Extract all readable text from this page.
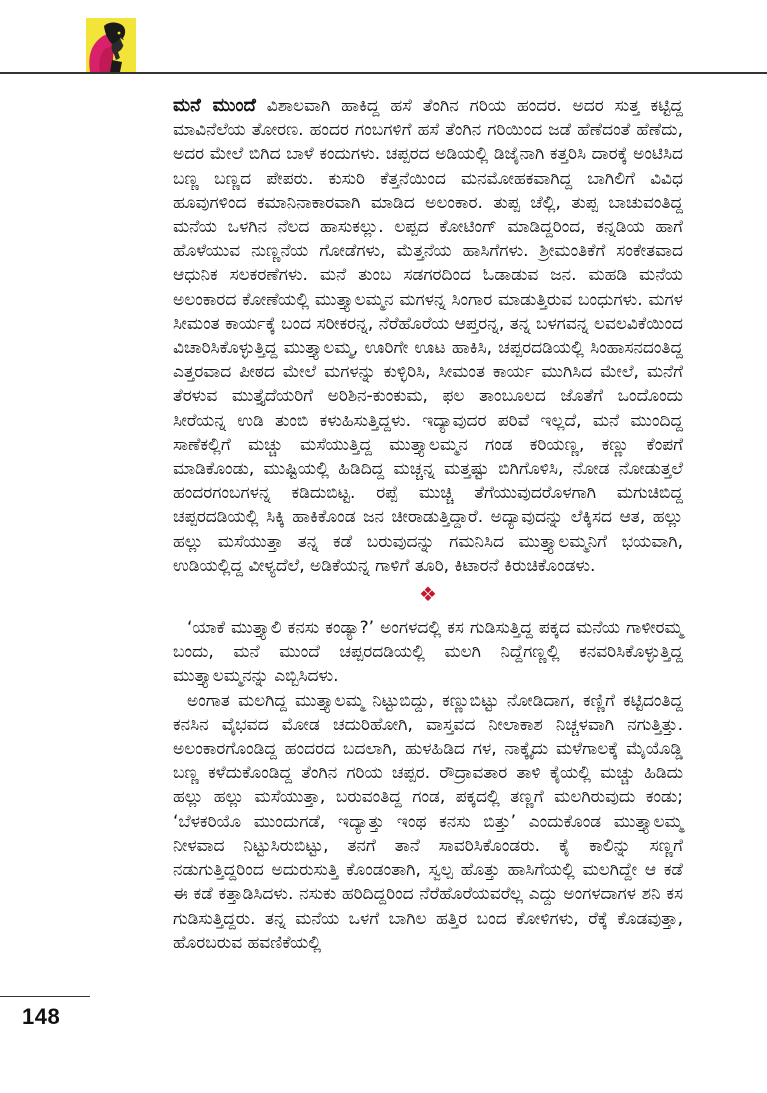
ಮನೆ ಮುಂದೆ ವಿಶಾಲವಾಗಿ ಹಾಕಿದ್ದ ಹಸೆ ತೆಂಗಿನ ಗರಿಯ ಹಂದರ. ಅದರ ಸುತ್ತ ಕಟ್ಟಿದ್ದ ಮಾವಿನೆಲೆಯ ತೋರಣ. ಹಂದರ ಗಂಬಗಳಿಗೆ ಹಸೆ ತೆಂಗಿನ ಗರಿಯಿಂದ ಜಡೆ ಹೆಣೆದಂತೆ ಹೆಣೆದು, ಅದರ ಮೇಲೆ ಬಿಗಿದ ಬಾಳೆ ಕಂದುಗಳು. ಚಪ್ಪರದ ಅಡಿಯಲ್ಲಿ ಡಿಜೈನಾಗಿ ಕತ್ತರಿಸಿ ದಾರಕ್ಕೆ ಅಂಟಿಸಿದ ಬಣ್ಣ ಬಣ್ಣದ ಪೇಪರು. ಕುಸುರಿ ಕೆತ್ತನೆಯಿಂದ ಮನಮೋಹಕವಾಗಿದ್ದ ಬಾಗಿಲಿಗೆ ವಿವಿಧ ಹೂವುಗಳಿಂದ ಕಮಾನಿನಾಕಾರವಾಗಿ ಮಾಡಿದ ಅಲಂಕಾರ. ತುಪ್ಪ ಚೆಲ್ಲಿ, ತುಪ್ಪ ಬಾಚುವಂತಿದ್ದ ಮನೆಯ ಒಳಗಿನ ನೆಲದ ಹಾಸುಕಲ್ಲು. ಲಪ್ಪದ ಕೋಟಿಂಗ್ ಮಾಡಿದ್ದರಿಂದ, ಕನ್ನಡಿಯ ಹಾಗೆ ಹೊಳೆಯುವ ನುಣ್ಣನೆಯ ಗೋಡೆಗಳು, ಮೆತ್ತನೆಯ ಹಾಸಿಗೆಗಳು. ಶ್ರೀಮಂತಿಕೆಗೆ ಸಂಕೇತವಾದ ಆಧುನಿಕ ಸಲಕರಣೆಗಳು. ಮನೆ ತುಂಬ ಸಡಗರದಿಂದ ಓಡಾಡುವ ಜನ. ಮಹಡಿ ಮನೆಯ ಅಲಂಕಾರದ ಕೋಣೆಯಲ್ಲಿ ಮುತ್ತ್ಯಾಲಮ್ಮನ ಮಗಳನ್ನ ಸಿಂಗಾರ ಮಾಡುತ್ತಿರುವ ಬಂಧುಗಳು. ಮಗಳ ಸೀಮಂತ ಕಾರ್ಯಕ್ಕೆ ಬಂದ ಸರೀಕರನ್ನ, ನೆರೆಹೊರೆಯ ಆಪ್ತರನ್ನ, ತನ್ನ ಬಳಗವನ್ನ ಲವಲವಿಕೆಯಿಂದ ವಿಚಾರಿಸಿಕೊಳ್ಳುತ್ತಿದ್ದ ಮುತ್ತ್ಯಾಲಮ್ಮ, ಊರಿಗೇ ಊಟ ಹಾಕಿಸಿ, ಚಪ್ಪರದಡಿಯಲ್ಲಿ ಸಿಂಹಾಸನದಂತಿದ್ದ ಎತ್ತರವಾದ ಪೀಠದ ಮೇಲೆ ಮಗಳನ್ನು ಕುಳ್ಳಿರಿಸಿ, ಸೀಮಂತ ಕಾರ್ಯ ಮುಗಿಸಿದ ಮೇಲೆ, ಮನೆಗೆ ತೆರಳುವ ಮುತ್ತೈದೆಯರಿಗೆ ಅರಿಶಿನ-ಕುಂಕುಮ, ಫಲ ತಾಂಬೂಲದ ಜೊತೆಗೆ ಒಂದೊಂದು ಸೀರೆಯನ್ನ ಉಡಿ ತುಂಬಿ ಕಳುಹಿಸುತ್ತಿದ್ದಳು. ಇದ್ಯಾವುದರ ಪರಿವೆ ಇಲ್ಲದೆ, ಮನೆ ಮುಂದಿದ್ದ ಸಾಣೆಕಲ್ಲಿಗೆ ಮಚ್ಚು ಮಸೆಯುತ್ತಿದ್ದ ಮುತ್ತ್ಯಾಲಮ್ಮನ ಗಂಡ ಕರಿಯಣ್ಣ, ಕಣ್ಣು ಕೆಂಪಗೆ ಮಾಡಿಕೊಂಡು, ಮುಷ್ಟಿಯಲ್ಲಿ ಹಿಡಿದಿದ್ದ ಮಚ್ಚನ್ನ ಮತ್ತಷ್ಟು ಬಿಗಿಗೊಳಿಸಿ, ನೋಡ ನೋಡುತ್ತಲೆ ಹಂದರಗಂಬಗಳನ್ನ ಕಡಿದುಬಿಟ್ಟ. ರಪ್ಪೆ ಮುಚ್ಚಿ ತೆಗೆಯುವುದರೊಳಗಾಗಿ ಮಗುಚಿಬಿದ್ದ ಚಪ್ಪರದಡಿಯಲ್ಲಿ ಸಿಕ್ಕಿ ಹಾಕಿಕೊಂಡ ಜನ ಚೀರಾಡುತ್ತಿದ್ದಾರೆ. ಅದ್ಯಾವುದನ್ನು ಲೆಕ್ಕಿಸದ ಆತ, ಹಲ್ಲು ಹಲ್ಲು ಮಸೆಯುತ್ತಾ ತನ್ನ ಕಡೆ ಬರುವುದನ್ನು ಗಮನಿಸಿದ ಮುತ್ತ್ಯಾಲಮ್ಮನಿಗೆ ಭಯವಾಗಿ, ಉಡಿಯಲ್ಲಿದ್ದ ವೀಳ್ಯದೆಲೆ, ಅಡಿಕೆಯನ್ನ ಗಾಳಿಗೆ ತೂರಿ, ಕಿಟಾರನೆ ಕಿರುಚಿಕೊಂಡಳು.

❖

‘ಯಾಕೆ ಮುತ್ತ್ಯಾಲಿ ಕನಸು ಕಂಡ್ಯಾ?’ ಅಂಗಳದಲ್ಲಿ ಕಸ ಗುಡಿಸುತ್ತಿದ್ದ ಪಕ್ಕದ ಮನೆಯ ಗಾಳೀರಮ್ಮ ಬಂದು, ಮನೆ ಮುಂದೆ ಚಪ್ಪರದಡಿಯಲ್ಲಿ ಮಲಗಿ ನಿದ್ದೆಗಣ್ಣಲ್ಲಿ ಕನವರಿಸಿಕೊಳ್ಳುತ್ತಿದ್ದ ಮುತ್ತ್ಯಾಲಮ್ಮನನ್ನು ಎಬ್ಬಿಸಿದಳು.

ಅಂಗಾತ ಮಲಗಿದ್ದ ಮುತ್ತ್ಯಾಲಮ್ಮ ನಿಟ್ಟುಬಿದ್ದು, ಕಣ್ಣುಬಿಟ್ಟು ನೋಡಿದಾಗ, ಕಣ್ಣಿಗೆ ಕಟ್ಟಿದಂತಿದ್ದ ಕನಸಿನ ವೈಭವದ ಮೋಡ ಚದುರಿಹೋಗಿ, ವಾಸ್ತವದ ನೀಲಾಕಾಶ ನಿಚ್ಚಳವಾಗಿ ನಗುತ್ತಿತ್ತು. ಅಲಂಕಾರಗೊಂಡಿದ್ದ ಹಂದರದ ಬದಲಾಗಿ, ಹುಳಹಿಡಿದ ಗಳ, ನಾಕ್ಕೈದು ಮಳೆಗಾಲಕ್ಕೆ ಮೈಯೊಡ್ಡಿ ಬಣ್ಣ ಕಳೆದುಕೊಂಡಿದ್ದ ತೆಂಗಿನ ಗರಿಯ ಚಪ್ಪರ. ರೌದ್ರಾವತಾರ ತಾಳಿ ಕೈಯಲ್ಲಿ ಮಚ್ಚು ಹಿಡಿದು ಹಲ್ಲು ಹಲ್ಲು ಮಸೆಯುತ್ತಾ, ಬರುವಂತಿದ್ದ ಗಂಡ, ಪಕ್ಕದಲ್ಲಿ ತಣ್ಣಗೆ ಮಲಗಿರುವುದು ಕಂಡು; ‘ಬೆಳಕರಿಯೊ ಮುಂದುಗಡೆ, ಇದ್ಯಾತ್ತು ಇಂಥ ಕನಸು ಬಿತ್ತು’ ಎಂದುಕೊಂಡ ಮುತ್ತ್ಯಾಲಮ್ಮ ನೀಳವಾದ ನಿಟ್ಟುಸಿರುಬಿಟ್ಟು, ತನಗೆ ತಾನೆ ಸಾವರಿಸಿಕೊಂಡರು. ಕೈ ಕಾಲಿನ್ನು ಸಣ್ಣಗೆ ನಡುಗುತ್ತಿದ್ದರಿಂದ ಅದುರುಸುತ್ತಿ ಕೊಂಡಂತಾಗಿ, ಸ್ವಲ್ಪ ಹೊತ್ತು ಹಾಸಿಗೆಯಲ್ಲಿ ಮಲಗಿದ್ದೇ ಆ ಕಡೆ ಈ ಕಡೆ ಕತ್ತಾಡಿಸಿದಳು. ನಸುಕು ಹರಿದಿದ್ದರಿಂದ ನೆರೆಹೊರೆಯವರೆಲ್ಲ ಎದ್ದು ಅಂಗಳದಾಗಳ ಶನಿ ಕಸ ಗುಡಿಸುತ್ತಿದ್ದರು. ತನ್ನ ಮನೆಯ ಒಳಗೆ ಬಾಗಿಲ ಹತ್ತಿರ ಬಂದ ಕೋಳಿಗಳು, ರೆಕ್ಕೆ ಕೊಡವುತ್ತಾ, ಹೊರಬರುವ ಹವಣಿಕೆಯಲ್ಲಿ

148
